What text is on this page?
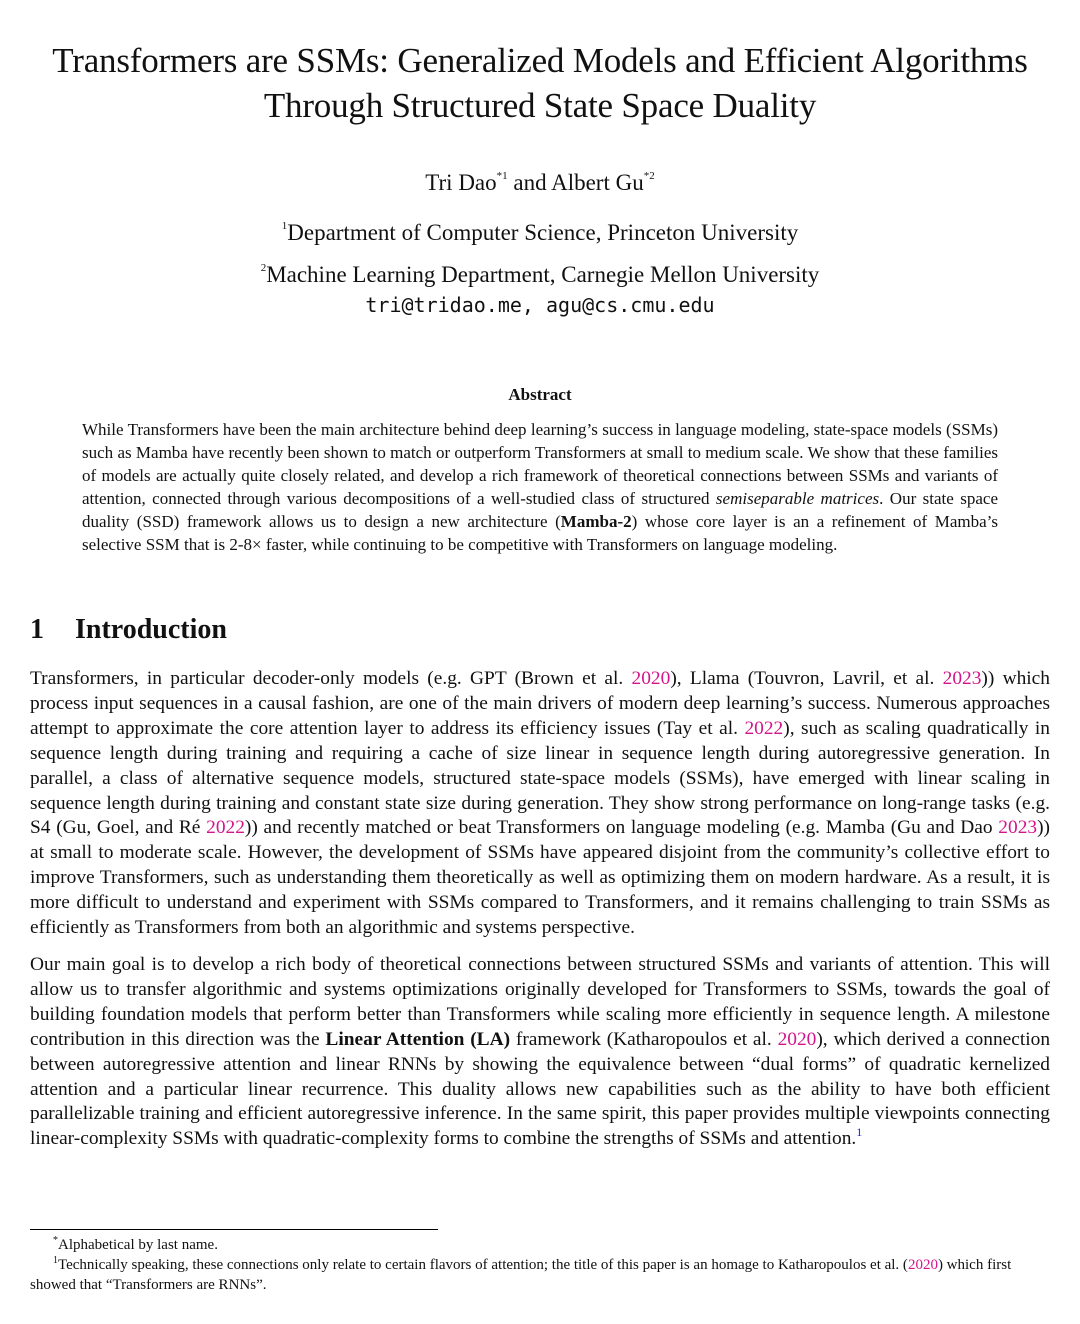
Transformers are SSMs: Generalized Models and Efficient Algorithms
Through Structured State Space Duality
Tri Dao$^{*1}$ and Albert Gu$^{*2}$
$^1$Department of Computer Science, Princeton University
$^2$Machine Learning Department, Carnegie Mellon University
tri@tridao.me, agu@cs.cmu.edu
Abstract
While Transformers have been the main architecture behind deep learning’s success in language modeling, state-space models (SSMs) such as Mamba have recently been shown to match or outperform Transformers at small to medium scale. We show that these families of models are actually quite closely related, and develop a rich framework of theoretical connections between SSMs and variants of attention, connected through various decompositions of a well-studied class of structured semiseparable matrices. Our state space duality (SSD) framework allows us to design a new architecture (Mamba-2) whose core layer is an a refinement of Mamba’s selective SSM that is 2-8× faster, while continuing to be competitive with Transformers on language modeling.
1 Introduction

Transformers, in particular decoder-only models (e.g. GPT (Brown et al. 2020), Llama (Touvron, Lavril, et al. 2023)) which process input sequences in a causal fashion, are one of the main drivers of modern deep learning’s success. Numerous approaches attempt to approximate the core attention layer to address its efficiency issues (Tay et al. 2022), such as scaling quadratically in sequence length during training and requiring a cache of size linear in sequence length during autoregressive generation. In parallel, a class of alternative sequence models, structured state-space models (SSMs), have emerged with linear scaling in sequence length during training and constant state size during generation. They show strong performance on long-range tasks (e.g. S4 (Gu, Goel, and Ré 2022)) and recently matched or beat Transformers on language modeling (e.g. Mamba (Gu and Dao 2023)) at small to moderate scale. However, the development of SSMs have appeared disjoint from the community’s collective effort to improve Transformers, such as understanding them theoretically as well as optimizing them on modern hardware. As a result, it is more difficult to understand and experiment with SSMs compared to Transformers, and it remains challenging to train SSMs as efficiently as Transformers from both an algorithmic and systems perspective.

Our main goal is to develop a rich body of theoretical connections between structured SSMs and variants of attention. This will allow us to transfer algorithmic and systems optimizations originally developed for Transformers to SSMs, towards the goal of building foundation models that perform better than Transformers while scaling more efficiently in sequence length. A milestone contribution in this direction was the Linear Attention (LA) framework (Katharopoulos et al. 2020), which derived a connection between autoregressive attention and linear RNNs by showing the equivalence between “dual forms” of quadratic kernelized attention and a particular linear recurrence. This duality allows new capabilities such as the ability to have both efficient parallelizable training and efficient autoregressive inference. In the same spirit, this paper provides multiple viewpoints connecting linear-complexity SSMs with quadratic-complexity forms to combine the strengths of SSMs and attention.$^1$

*Alphabetical by last name.

$^1$Technically speaking, these connections only relate to certain flavors of attention; the title of this paper is an homage to Katharopoulos et al. (2020) which first showed that “Transformers are RNNs”.
